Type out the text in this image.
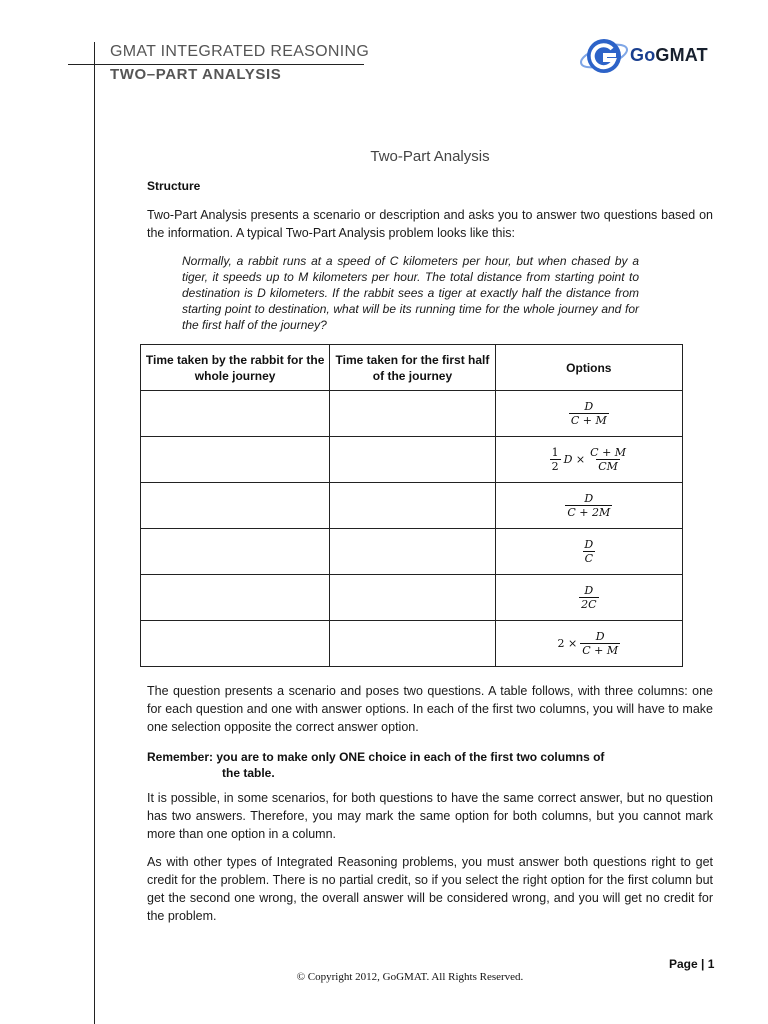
GMAT INTEGRATED REASONING
TWO–PART ANALYSIS
GoGMAT
Two-Part Analysis
Structure
Two-Part Analysis presents a scenario or description and asks you to answer two questions based on the information. A typical Two-Part Analysis problem looks like this:
Normally, a rabbit runs at a speed of C kilometers per hour, but when chased by a tiger, it speeds up to M kilometers per hour. The total distance from starting point to destination is D kilometers. If the rabbit sees a tiger at exactly half the distance from starting point to destination, what will be its running time for the whole journey and for the first half of the journey?
Time taken by the rabbit for the whole journey	Time taken for the first half of the journey	Options

		$\frac{D}{C + M}$

		$\frac{1}{2}$ $D \times \frac{C + M}{CM}$

		$\frac{D}{C + 2M}$

		$\frac{D}{C}$

		$\frac{D}{2C}$

		$2 \times \frac{D}{C + M}$
The question presents a scenario and poses two questions. A table follows, with three columns: one for each question and one with answer options. In each of the first two columns, you will have to make one selection opposite the correct answer option.
Remember: you are to make only ONE choice in each of the first two columns of
the table.
It is possible, in some scenarios, for both questions to have the same correct answer, but no question has two answers. Therefore, you may mark the same option for both columns, but you cannot mark more than one option in a column.
As with other types of Integrated Reasoning problems, you must answer both questions right to get credit for the problem. There is no partial credit, so if you select the right option for the first column but get the second one wrong, the overall answer will be considered wrong, and you will get no credit for the problem.
Page | 1
© Copyright 2012, GoGMAT. All Rights Reserved.
